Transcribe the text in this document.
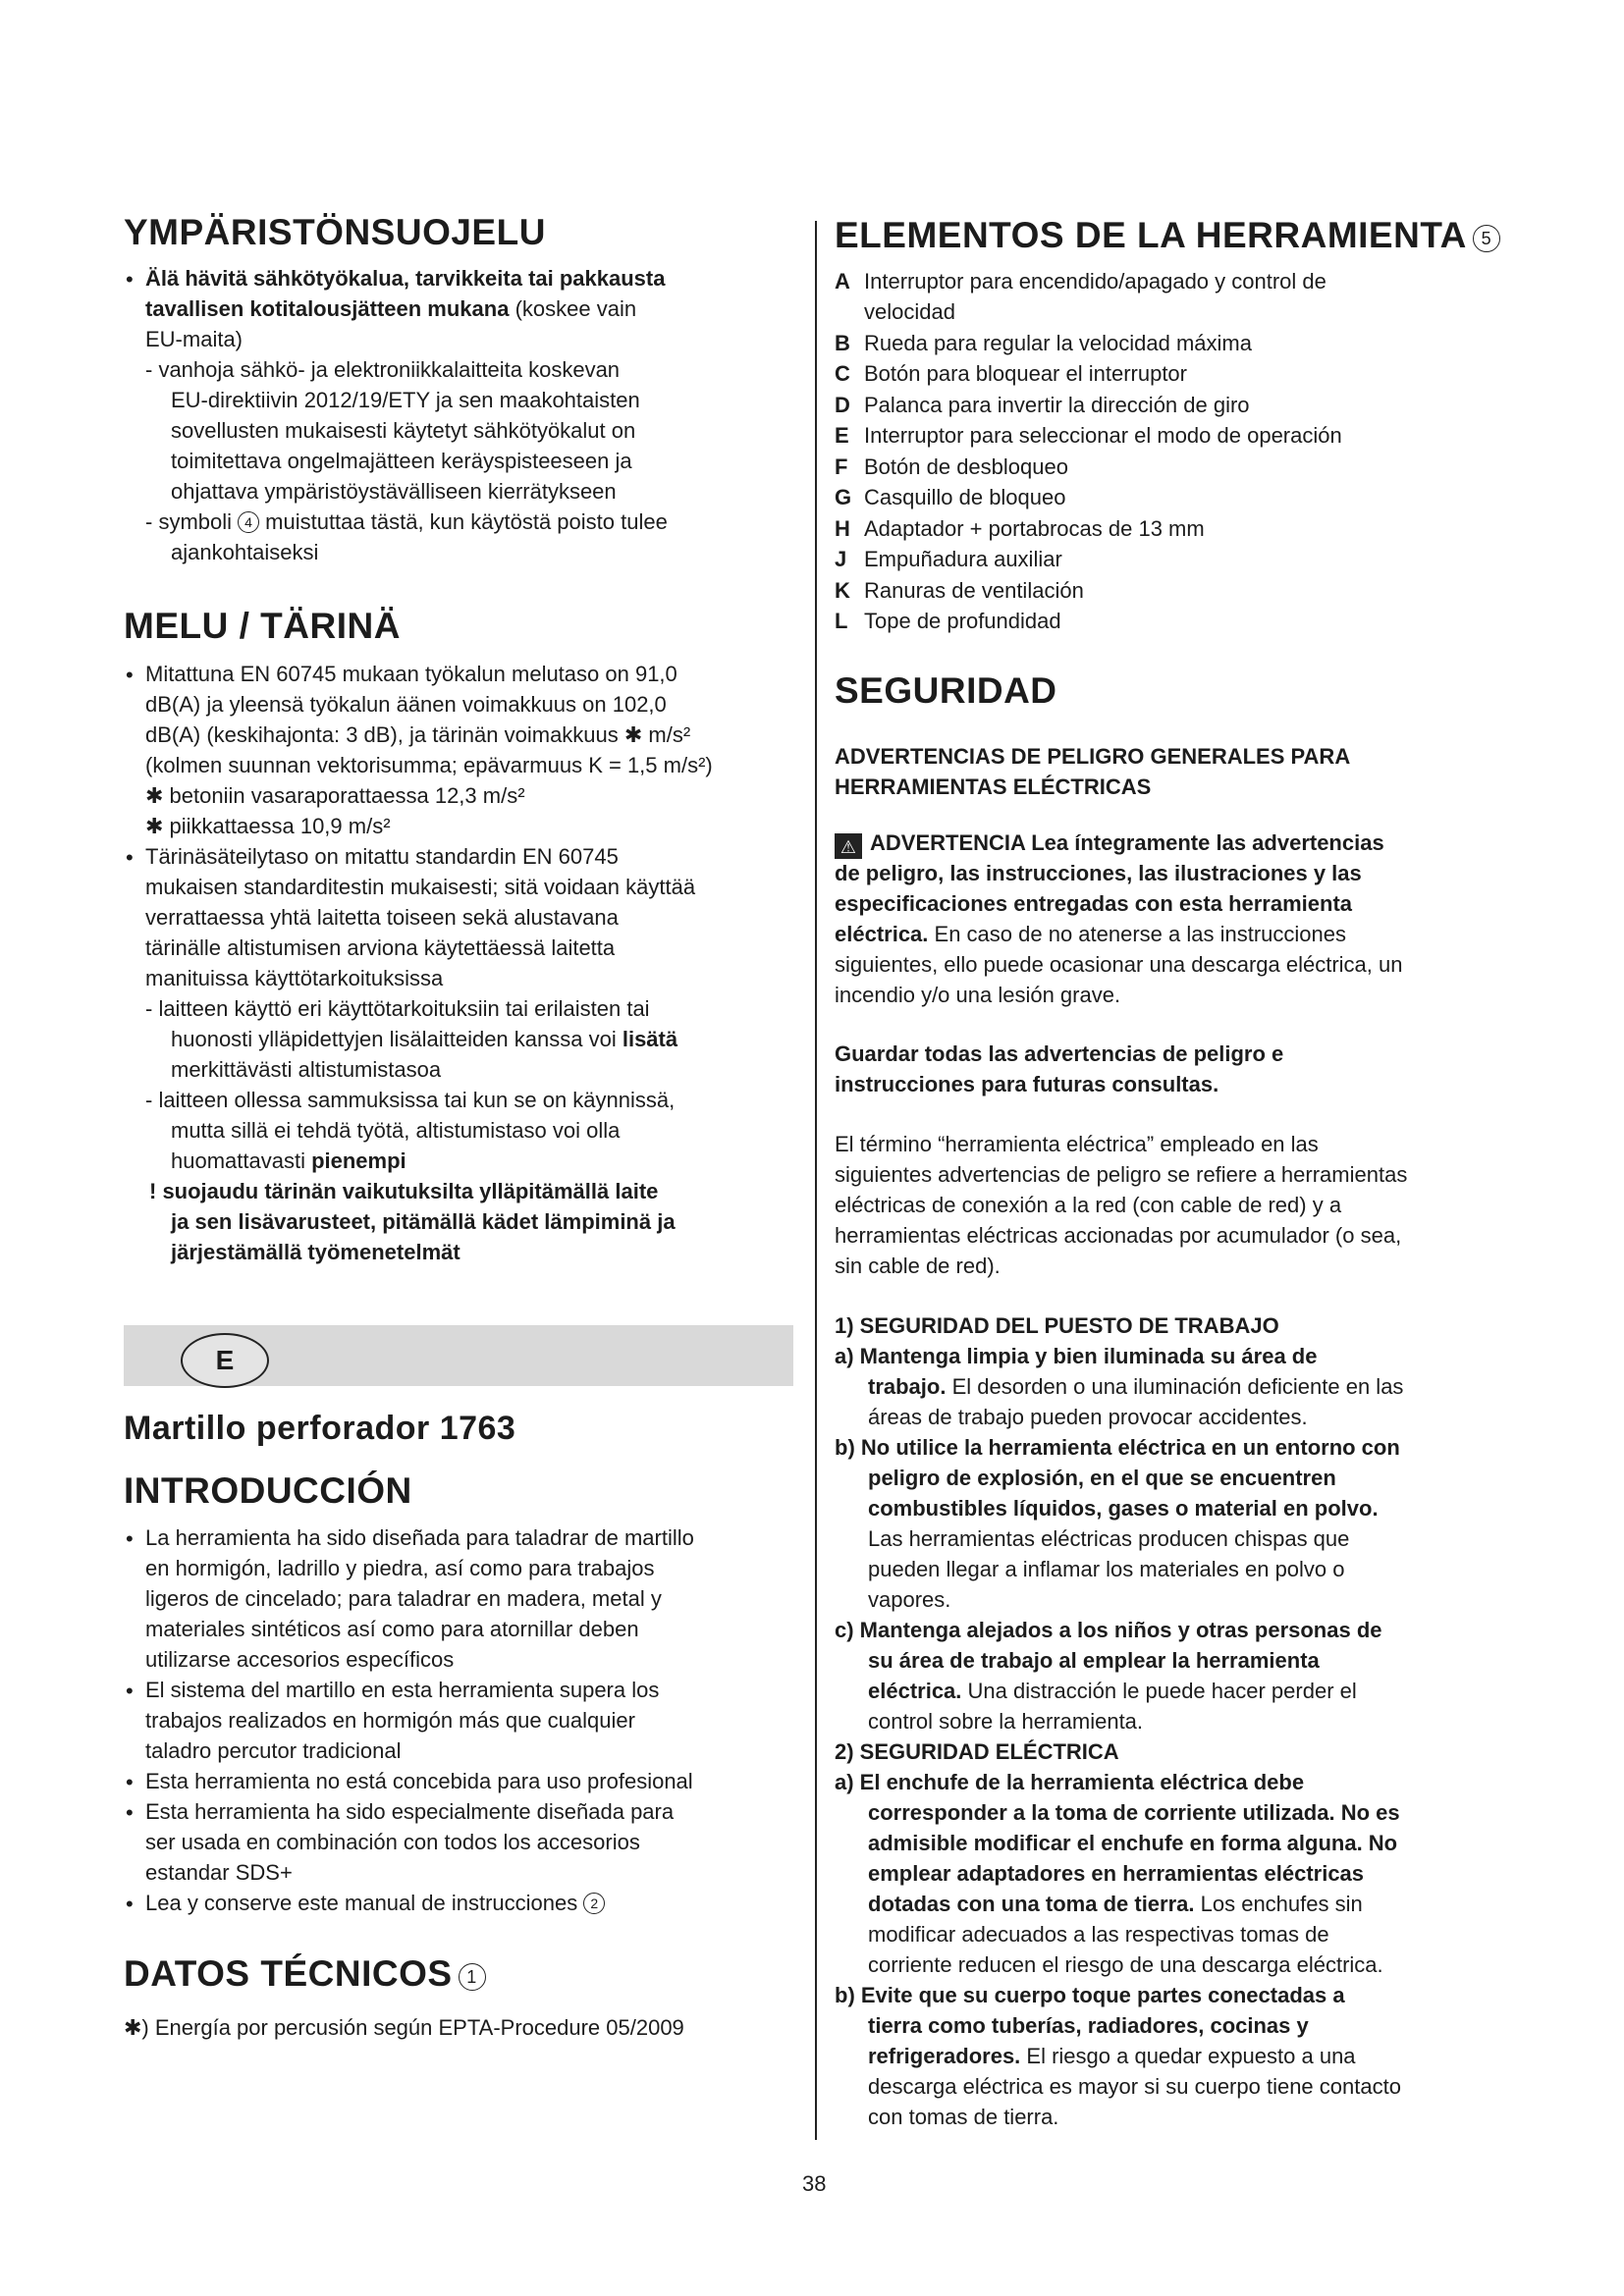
YMPÄRISTÖNSUOJELU
• Älä hävitä sähkötyökalua, tarvikkeita tai pakkausta
tavallisen kotitalousjätteen mukana (koskee vain
EU-maita)
- vanhoja sähkö- ja elektroniikkalaitteita koskevan
EU-direktiivin 2012/19/ETY ja sen maakohtaisten
sovellusten mukaisesti käytetyt sähkötyökalut on
toimitettava ongelmajätteen keräyspisteeseen ja
ohjattava ympäristöystävälliseen kierrätykseen
- symboli 4 muistuttaa tästä, kun käytöstä poisto tulee
ajankohtaiseksi
MELU / TÄRINÄ
• Mitattuna EN 60745 mukaan työkalun melutaso on 91,0
dB(A) ja yleensä työkalun äänen voimakkuus on 102,0
dB(A) (keskihajonta: 3 dB), ja tärinän voimakkuus ✱ m/s²
(kolmen suunnan vektorisumma; epävarmuus K = 1,5 m/s²)
✱ betoniin vasaraporattaessa 12,3 m/s²
✱ piikkattaessa 10,9 m/s²
• Tärinäsäteilytaso on mitattu standardin EN 60745
mukaisen standarditestin mukaisesti; sitä voidaan käyttää
verrattaessa yhtä laitetta toiseen sekä alustavana
tärinälle altistumisen arviona käytettäessä laitetta
manituissa käyttötarkoituksissa
- laitteen käyttö eri käyttötarkoituksiin tai erilaisten tai
huonosti ylläpidettyjen lisälaitteiden kanssa voi lisätä
merkittävästi altistumistasoa
- laitteen ollessa sammuksissa tai kun se on käynnissä,
mutta sillä ei tehdä työtä, altistumistaso voi olla
huomattavasti pienempi
! suojaudu tärinän vaikutuksilta ylläpitämällä laite
ja sen lisävarusteet, pitämällä kädet lämpiminä ja
järjestämällä työmenetelmät
E
Martillo perforador 1763
INTRODUCCIÓN
• La herramienta ha sido diseñada para taladrar de martillo
en hormigón, ladrillo y piedra, así como para trabajos
ligeros de cincelado; para taladrar en madera, metal y
materiales sintéticos así como para atornillar deben
utilizarse accesorios específicos
• El sistema del martillo en esta herramienta supera los
trabajos realizados en hormigón más que cualquier
taladro percutor tradicional
• Esta herramienta no está concebida para uso profesional
• Esta herramienta ha sido especialmente diseñada para
ser usada en combinación con todos los accesorios
estandar SDS+
• Lea y conserve este manual de instrucciones 2
DATOS TÉCNICOS 1
✱) Energía por percusión según EPTA-Procedure 05/2009
ELEMENTOS DE LA HERRAMIENTA 5
A Interruptor para encendido/apagado y control de
velocidad
B Rueda para regular la velocidad máxima
C Botón para bloquear el interruptor
D Palanca para invertir la dirección de giro
E Interruptor para seleccionar el modo de operación
F Botón de desbloqueo
G Casquillo de bloqueo
H Adaptador + portabrocas de 13 mm
J Empuñadura auxiliar
K Ranuras de ventilación
L Tope de profundidad
SEGURIDAD
ADVERTENCIAS DE PELIGRO GENERALES PARA
HERRAMIENTAS ELÉCTRICAS
⚠ ADVERTENCIA Lea íntegramente las advertencias
de peligro, las instrucciones, las ilustraciones y las
especificaciones entregadas con esta herramienta
eléctrica. En caso de no atenerse a las instrucciones
siguientes, ello puede ocasionar una descarga eléctrica, un
incendio y/o una lesión grave.
Guardar todas las advertencias de peligro e
instrucciones para futuras consultas.
El término “herramienta eléctrica” empleado en las
siguientes advertencias de peligro se refiere a herramientas
eléctricas de conexión a la red (con cable de red) y a
herramientas eléctricas accionadas por acumulador (o sea,
sin cable de red).
1) SEGURIDAD DEL PUESTO DE TRABAJO
a) Mantenga limpia y bien iluminada su área de
trabajo. El desorden o una iluminación deficiente en las
áreas de trabajo pueden provocar accidentes.
b) No utilice la herramienta eléctrica en un entorno con
peligro de explosión, en el que se encuentren
combustibles líquidos, gases o material en polvo.
Las herramientas eléctricas producen chispas que
pueden llegar a inflamar los materiales en polvo o
vapores.
c) Mantenga alejados a los niños y otras personas de
su área de trabajo al emplear la herramienta
eléctrica. Una distracción le puede hacer perder el
control sobre la herramienta.
2) SEGURIDAD ELÉCTRICA
a) El enchufe de la herramienta eléctrica debe
corresponder a la toma de corriente utilizada. No es
admisible modificar el enchufe en forma alguna. No
emplear adaptadores en herramientas eléctricas
dotadas con una toma de tierra. Los enchufes sin
modificar adecuados a las respectivas tomas de
corriente reducen el riesgo de una descarga eléctrica.
b) Evite que su cuerpo toque partes conectadas a
tierra como tuberías, radiadores, cocinas y
refrigeradores. El riesgo a quedar expuesto a una
descarga eléctrica es mayor si su cuerpo tiene contacto
con tomas de tierra.
38
